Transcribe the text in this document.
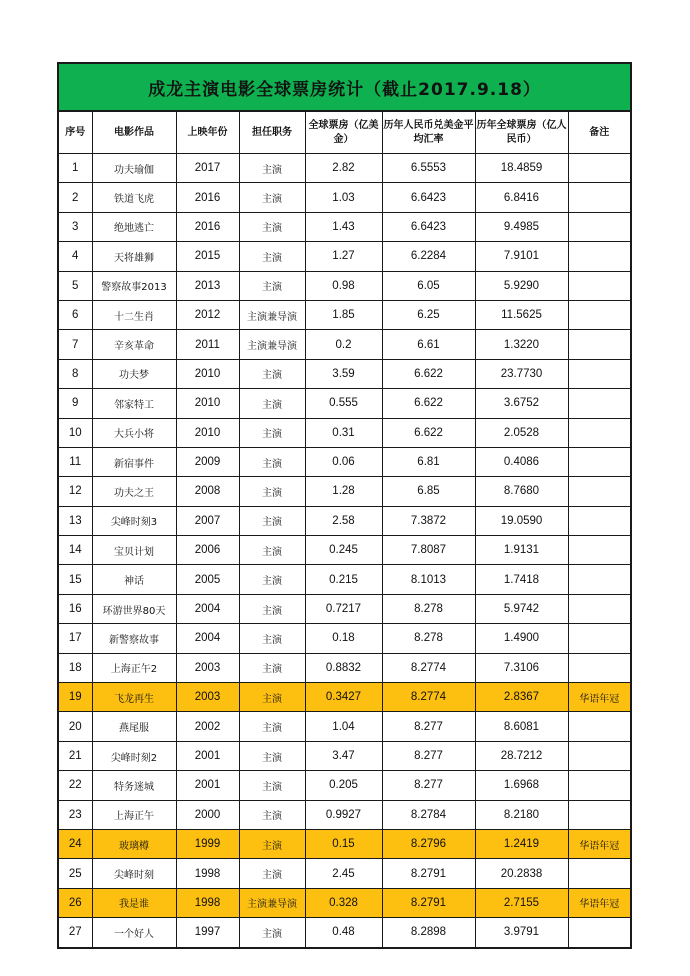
成龙主演电影全球票房统计（截止2017.9.18）							
序号	电影作品	上映年份	担任职务	全球票房（亿美金）	历年人民币兑美金平均汇率	历年全球票房（亿人民币）	备注
1	功夫瑜伽	2017	主演	2.82	6.5553	18.4859	
2	铁道飞虎	2016	主演	1.03	6.6423	6.8416	
3	绝地逃亡	2016	主演	1.43	6.6423	9.4985	
4	天将雄狮	2015	主演	1.27	6.2284	7.9101	
5	警察故事2013	2013	主演	0.98	6.05	5.9290	
6	十二生肖	2012	主演兼导演	1.85	6.25	11.5625	
7	辛亥革命	2011	主演兼导演	0.2	6.61	1.3220	
8	功夫梦	2010	主演	3.59	6.622	23.7730	
9	邻家特工	2010	主演	0.555	6.622	3.6752	
10	大兵小将	2010	主演	0.31	6.622	2.0528	
11	新宿事件	2009	主演	0.06	6.81	0.4086	
12	功夫之王	2008	主演	1.28	6.85	8.7680	
13	尖峰时刻3	2007	主演	2.58	7.3872	19.0590	
14	宝贝计划	2006	主演	0.245	7.8087	1.9131	
15	神话	2005	主演	0.215	8.1013	1.7418	
16	环游世界80天	2004	主演	0.7217	8.278	5.9742	
17	新警察故事	2004	主演	0.18	8.278	1.4900	
18	上海正午2	2003	主演	0.8832	8.2774	7.3106	
19	飞龙再生	2003	主演	0.3427	8.2774	2.8367	华语年冠
20	燕尾服	2002	主演	1.04	8.277	8.6081	
21	尖峰时刻2	2001	主演	3.47	8.277	28.7212	
22	特务迷城	2001	主演	0.205	8.277	1.6968	
23	上海正午	2000	主演	0.9927	8.2784	8.2180	
24	玻璃樽	1999	主演	0.15	8.2796	1.2419	华语年冠
25	尖峰时刻	1998	主演	2.45	8.2791	20.2838	
26	我是谁	1998	主演兼导演	0.328	8.2791	2.7155	华语年冠
27	一个好人	1997	主演	0.48	8.2898	3.9791	
